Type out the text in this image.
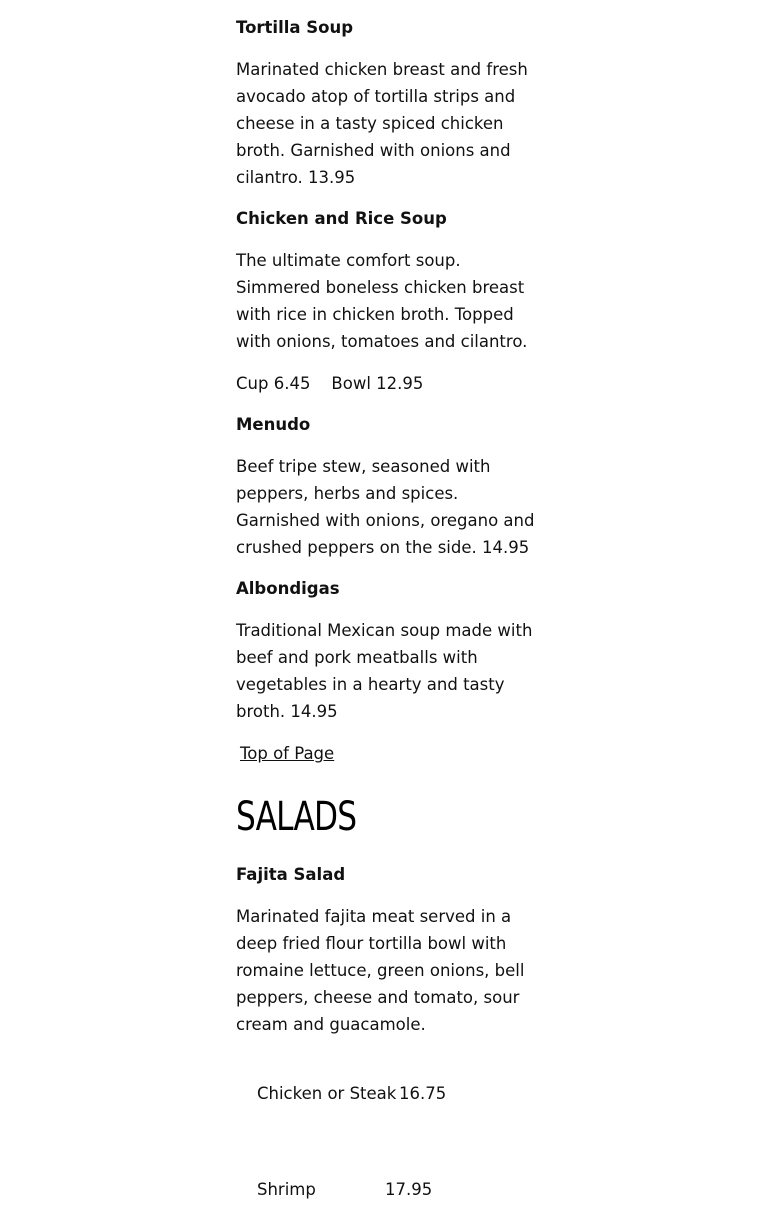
Tortilla Soup

Marinated chicken breast and fresh avocado atop of tortilla strips and cheese in a tasty spiced chicken broth. Garnished with onions and cilantro. 13.95

Chicken and Rice Soup

The ultimate comfort soup. Simmered boneless chicken breast with rice in chicken broth. Topped with onions, tomatoes and cilantro.

Cup 6.45    Bowl 12.95

Menudo

Beef tripe stew, seasoned with peppers, herbs and spices. Garnished with onions, oregano and crushed peppers on the side. 14.95

Albondigas

Traditional Mexican soup made with beef and pork meatballs with vegetables in a hearty and tasty broth. 14.95

Top of Page
SALADS

Fajita Salad

Marinated fajita meat served in a deep fried flour tortilla bowl with romaine lettuce, green onions, bell peppers, cheese and tomato, sour cream and guacamole.

Chicken or Steak 16.75

Shrimp	17.95
